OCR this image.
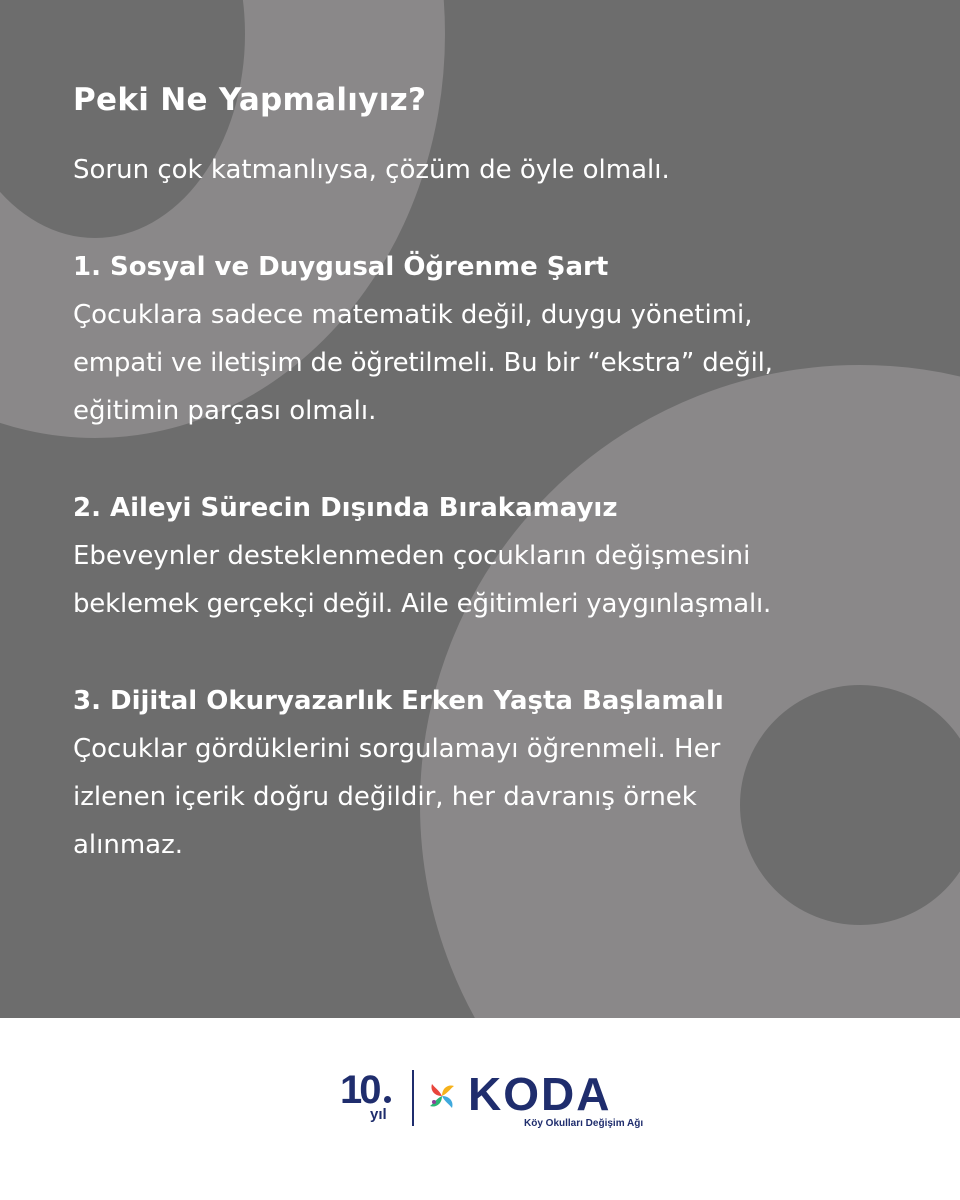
Peki Ne Yapmalıyız?

Sorun çok katmanlıysa, çözüm de öyle olmalı.

1. Sosyal ve Duygusal Öğrenme Şart

Çocuklara sadece matematik değil, duygu yönetimi,

empati ve iletişim de öğretilmeli. Bu bir “ekstra” değil,

eğitimin parçası olmalı.

2. Aileyi Sürecin Dışında Bırakamayız

Ebeveynler desteklenmeden çocukların değişmesini

beklemek gerçekçi değil. Aile eğitimleri yaygınlaşmalı.

3. Dijital Okuryazarlık Erken Yaşta Başlamalı

Çocuklar gördüklerini sorgulamayı öğrenmeli. Her

izlenen içerik doğru değildir, her davranış örnek

alınmaz.

10
yıl KODA
Köy Okulları Değişim Ağı
